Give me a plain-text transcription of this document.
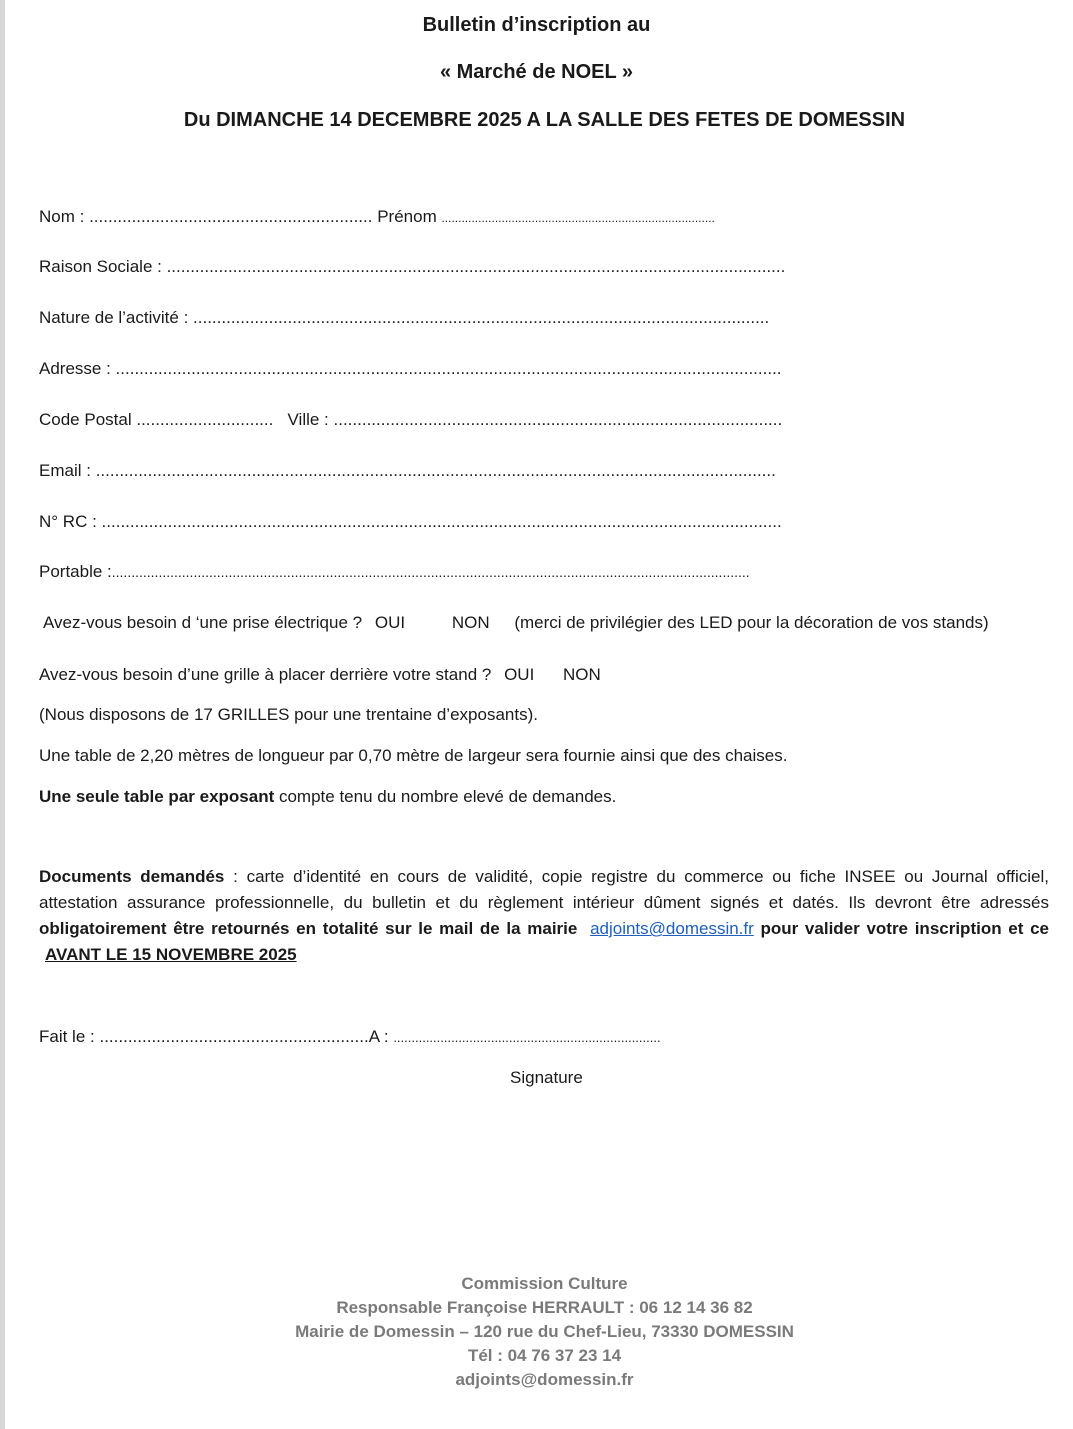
Bulletin d’inscription au
« Marché de NOEL »
Du DIMANCHE 14 DECEMBRE 2025 A LA SALLE DES FETES DE DOMESSIN
Nom : ............................................................ Prénom ..................................................................................
Raison Sociale : ...................................................................................................................................
Nature de l’activité : ..........................................................................................................................
Adresse : .............................................................................................................................................
Code Postal ............................. Ville : ...............................................................................................
Email : ................................................................................................................................................
N° RC : ................................................................................................................................................
Portable :....................................................................................................................................................................
Avez-vous besoin d ‘une prise électrique ? OUI	NON (merci de privilégier des LED pour la décoration de vos stands)
Avez-vous besoin d’une grille à placer derrière votre stand ? OUI NON
(Nous disposons de 17 GRILLES pour une trentaine d’exposants).
Une table de 2,20 mètres de longueur par 0,70 mètre de largeur sera fournie ainsi que des chaises.
Une seule table par exposant compte tenu du nombre elevé de demandes.
Documents demandés : carte d’identité en cours de validité, copie registre du commerce ou fiche INSEE ou Journal officiel, attestation assurance professionnelle, du bulletin et du règlement intérieur dûment signés et datés. Ils devront être adressés obligatoirement être retournés en totalité sur le mail de la mairie adjoints@domessin.fr pour valider votre inscription et ce AVANT LE 15 NOVEMBRE 2025
Fait le : .........................................................A : ..........................................................................
Signature
Commission Culture
Responsable Françoise HERRAULT : 06 12 14 36 82
Mairie de Domessin – 120 rue du Chef-Lieu, 73330 DOMESSIN
Tél : 04 76 37 23 14
adjoints@domessin.fr
